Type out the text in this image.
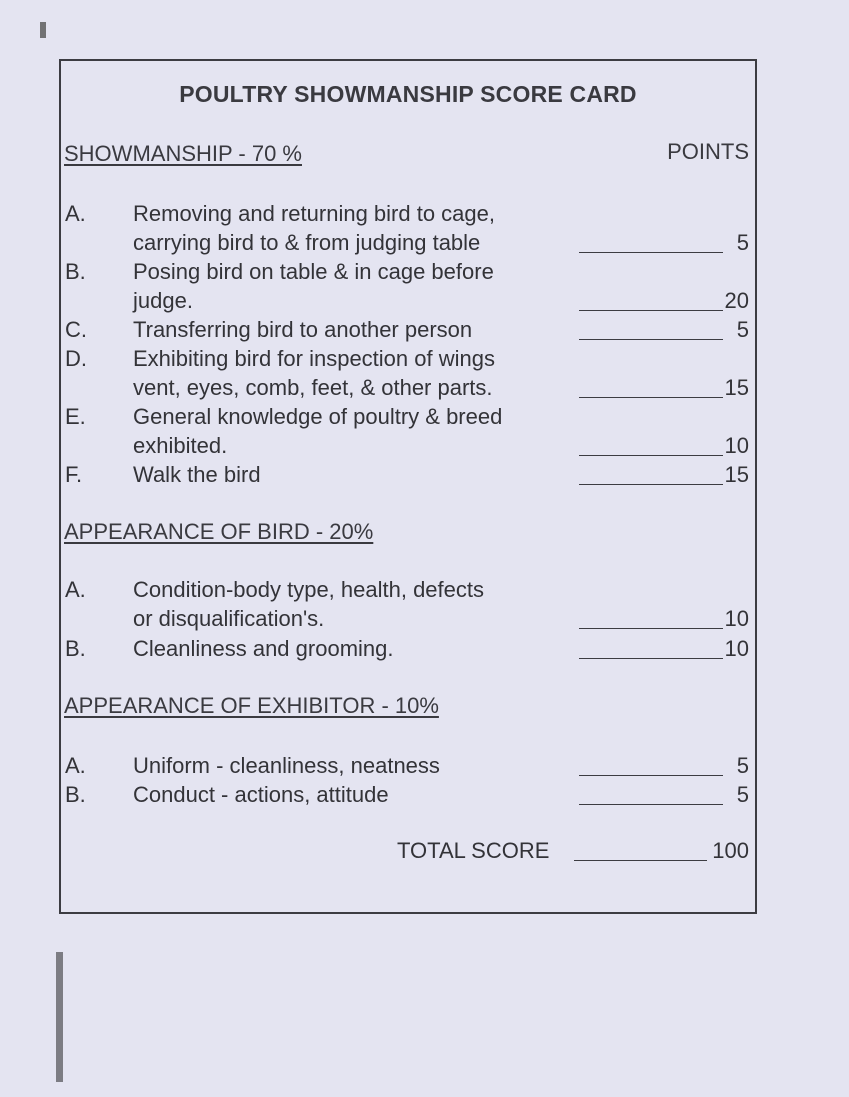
POULTRY SHOWMANSHIP SCORE CARD
SHOWMANSHIP - 70 %	POINTS
A. Removing and returning bird to cage,
carrying bird to & from judging table	5
B. Posing bird on table & in cage before
judge.	20
C. Transferring bird to another person	5
D. Exhibiting bird for inspection of wings
vent, eyes, comb, feet, & other parts.	15
E. General knowledge of poultry & breed
exhibited.	10
F. Walk the bird	15
APPEARANCE OF BIRD - 20%
A. Condition-body type, health, defects
or disqualification's.	10
B. Cleanliness and grooming.	10
APPEARANCE OF EXHIBITOR - 10%
A. Uniform - cleanliness, neatness	5
B. Conduct - actions, attitude	5
TOTAL SCORE	100
